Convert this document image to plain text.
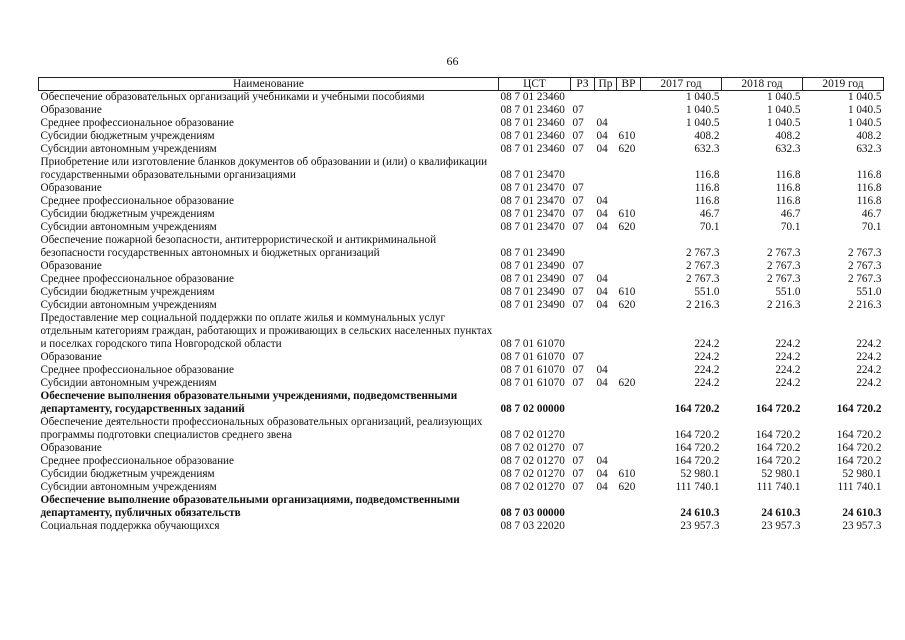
66
Наименование	ЦСТ	РЗ	Пр	ВР	2017 год	2018 год	2019 год
Обеспечение образовательных организаций учебниками и учебными пособиями	08 7 01 23460				1 040.5	1 040.5	1 040.5
Образование	08 7 01 23460	07			1 040.5	1 040.5	1 040.5
Среднее профессиональное образование	08 7 01 23460	07	04		1 040.5	1 040.5	1 040.5
Субсидии бюджетным учреждениям	08 7 01 23460	07	04	610	408.2	408.2	408.2
Субсидии автономным учреждениям	08 7 01 23460	07	04	620	632.3	632.3	632.3
Приобретение или изготовление бланков документов об образовании и (или) о квалификации государственными образовательными организациями	08 7 01 23470				116.8	116.8	116.8
Образование	08 7 01 23470	07			116.8	116.8	116.8
Среднее профессиональное образование	08 7 01 23470	07	04		116.8	116.8	116.8
Субсидии бюджетным учреждениям	08 7 01 23470	07	04	610	46.7	46.7	46.7
Субсидии автономным учреждениям	08 7 01 23470	07	04	620	70.1	70.1	70.1
Обеспечение пожарной безопасности, антитеррористической и антикриминальной безопасности государственных автономных и бюджетных организаций	08 7 01 23490				2 767.3	2 767.3	2 767.3
Образование	08 7 01 23490	07			2 767.3	2 767.3	2 767.3
Среднее профессиональное образование	08 7 01 23490	07	04		2 767.3	2 767.3	2 767.3
Субсидии бюджетным учреждениям	08 7 01 23490	07	04	610	551.0	551.0	551.0
Субсидии автономным учреждениям	08 7 01 23490	07	04	620	2 216.3	2 216.3	2 216.3
Предоставление мер социальной поддержки по оплате жилья и коммунальных услуг отдельным категориям граждан, работающих и проживающих в сельских населенных пунктах и поселках городского типа Новгородской области	08 7 01 61070				224.2	224.2	224.2
Образование	08 7 01 61070	07			224.2	224.2	224.2
Среднее профессиональное образование	08 7 01 61070	07	04		224.2	224.2	224.2
Субсидии автономным учреждениям	08 7 01 61070	07	04	620	224.2	224.2	224.2
Обеспечение выполнения образовательными учреждениями, подведомственными департаменту, государственных заданий	08 7 02 00000				164 720.2	164 720.2	164 720.2
Обеспечение деятельности профессиональных образовательных организаций, реализующих программы подготовки специалистов среднего звена	08 7 02 01270				164 720.2	164 720.2	164 720.2
Образование	08 7 02 01270	07			164 720.2	164 720.2	164 720.2
Среднее профессиональное образование	08 7 02 01270	07	04		164 720.2	164 720.2	164 720.2
Субсидии бюджетным учреждениям	08 7 02 01270	07	04	610	52 980.1	52 980.1	52 980.1
Субсидии автономным учреждениям	08 7 02 01270	07	04	620	111 740.1	111 740.1	111 740.1
Обеспечение выполнение образовательными организациями, подведомственными департаменту, публичных обязательств	08 7 03 00000				24 610.3	24 610.3	24 610.3
Социальная поддержка обучающихся	08 7 03 22020				23 957.3	23 957.3	23 957.3
